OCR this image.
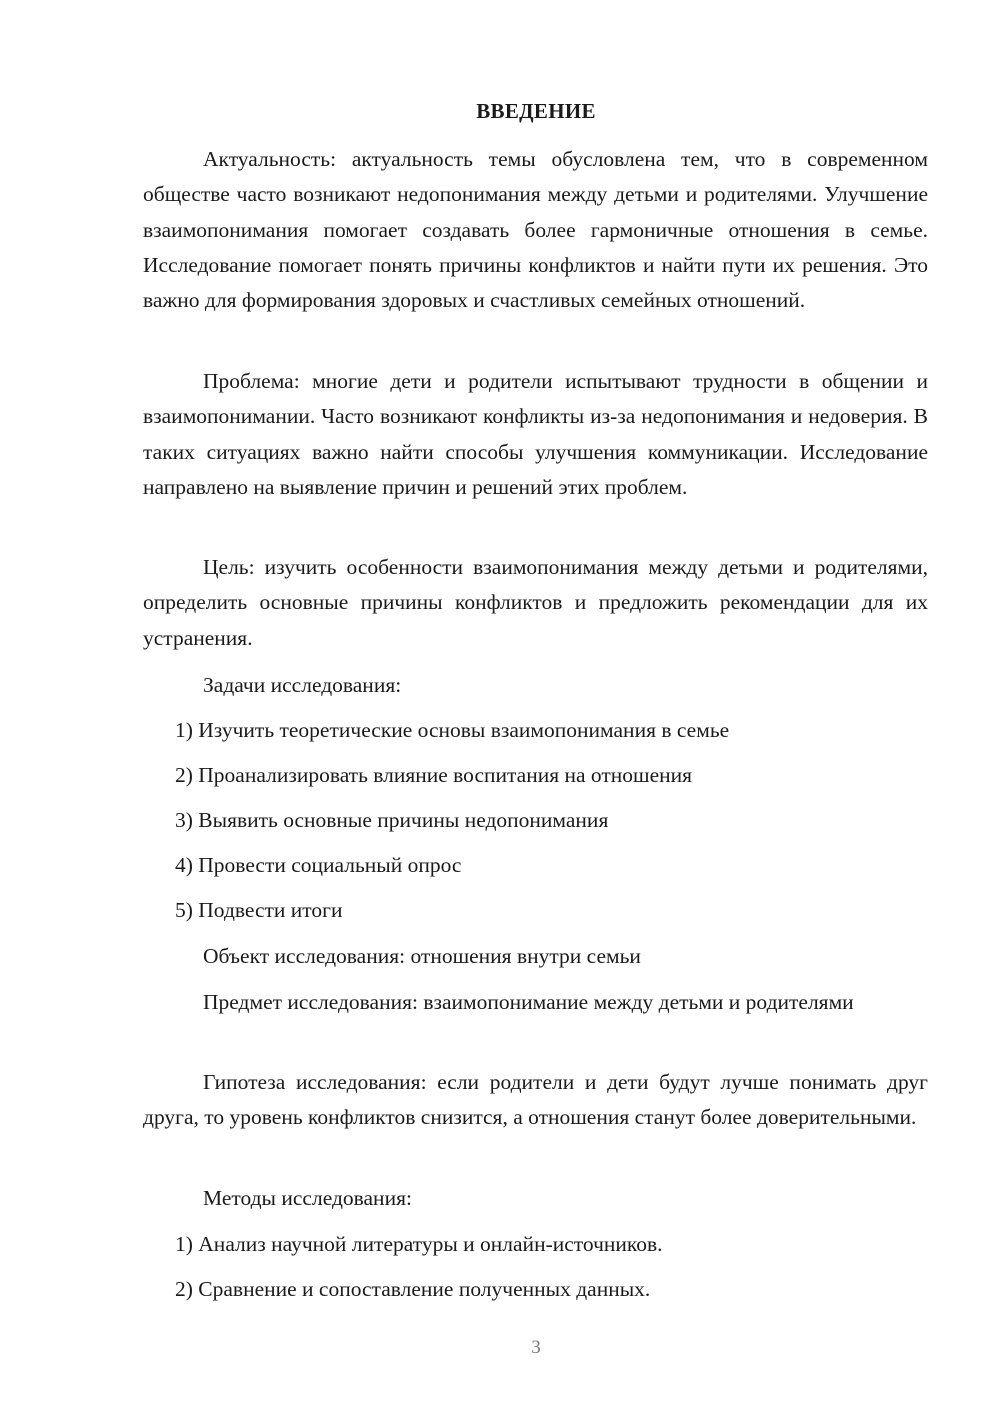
ВВЕДЕНИЕ

Актуальность: актуальность темы обусловлена тем, что в современном обществе часто возникают недопонимания между детьми и родителями. Улучшение взаимопонимания помогает создавать более гармоничные отношения в семье. Исследование помогает понять причины конфликтов и найти пути их решения. Это важно для формирования здоровых и счастливых семейных отношений.

Проблема: многие дети и родители испытывают трудности в общении и взаимопонимании. Часто возникают конфликты из-за недопонимания и недоверия. В таких ситуациях важно найти способы улучшения коммуникации. Исследование направлено на выявление причин и решений этих проблем.

Цель: изучить особенности взаимопонимания между детьми и родителями, определить основные причины конфликтов и предложить рекомендации для их устранения.

Задачи исследования:

1) Изучить теоретические основы взаимопонимания в семье

2) Проанализировать влияние воспитания на отношения

3) Выявить основные причины недопонимания

4) Провести социальный опрос

5) Подвести итоги

Объект исследования: отношения внутри семьи

Предмет исследования: взаимопонимание между детьми и родителями

Гипотеза исследования: если родители и дети будут лучше понимать друг друга, то уровень конфликтов снизится, а отношения станут более доверительными.

Методы исследования:

1) Анализ научной литературы и онлайн-источников.

2) Сравнение и сопоставление полученных данных.

3
